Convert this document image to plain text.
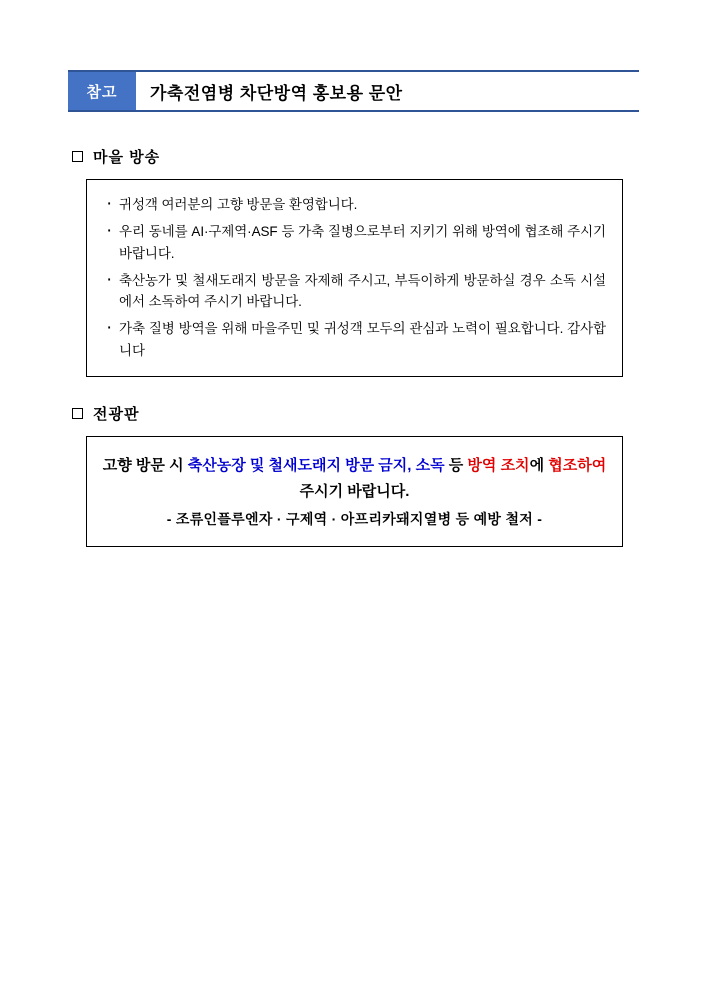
참고	가축전염병 차단방역 홍보용 문안
마을 방송
· 귀성객 여러분의 고향 방문을 환영합니다.
· 우리 동네를 AI·구제역·ASF 등 가축 질병으로부터 지키기 위해 방역에 협조해 주시기 바랍니다.
· 축산농가 및 철새도래지 방문을 자제해 주시고, 부득이하게 방문하실 경우 소독 시설에서 소독하여 주시기 바랍니다.
· 가축 질병 방역을 위해 마을주민 및 귀성객 모두의 관심과 노력이 필요합니다. 감사합니다
전광판

고향 방문 시 축산농장 및 철새도래지 방문 금지, 소독 등 방역 조치에 협조하여 주시기 바랍니다.

- 조류인플루엔자 · 구제역 · 아프리카돼지열병 등 예방 철저 -
